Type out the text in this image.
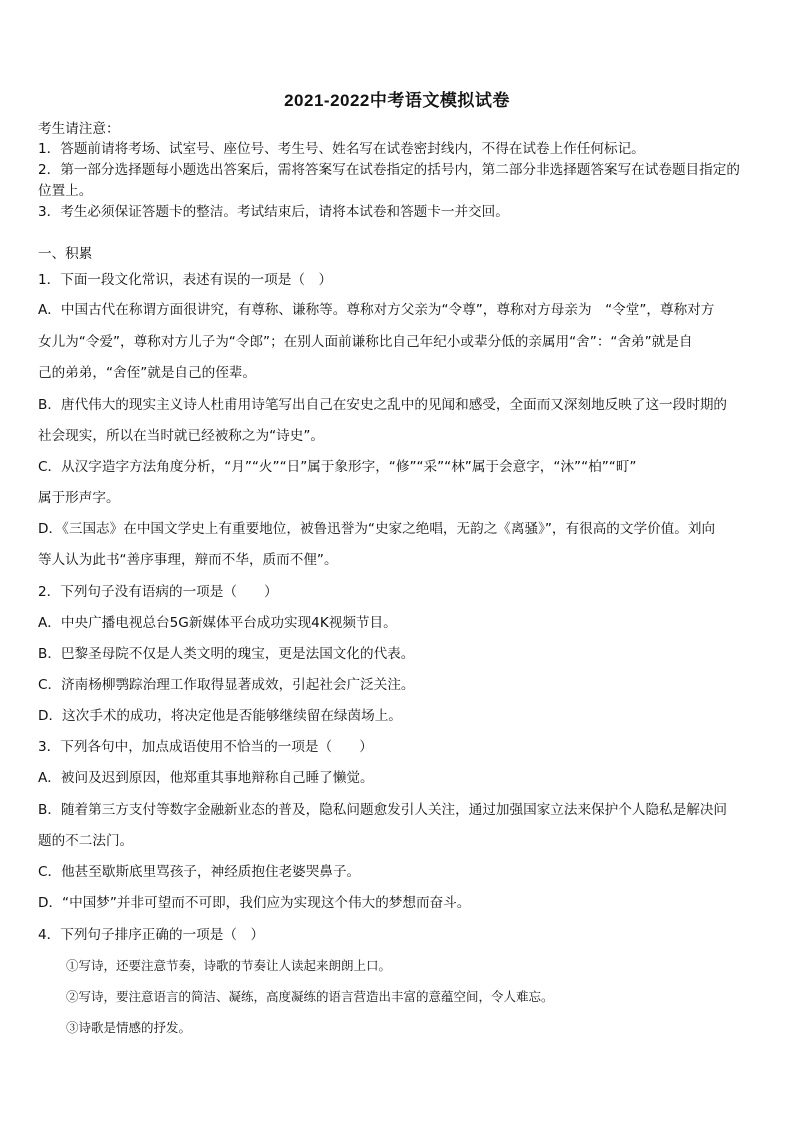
2021-2022中考语文模拟试卷
考生请注意：
1．答题前请将考场、试室号、座位号、考生号、姓名写在试卷密封线内，不得在试卷上作任何标记。
2．第一部分选择题每小题选出答案后，需将答案写在试卷指定的括号内，第二部分非选择题答案写在试卷题目指定的
位置上。
3．考生必须保证答题卡的整洁。考试结束后，请将本试卷和答题卡一并交回。
一、积累
1．下面一段文化常识，表述有误的一项是（　）
A．中国古代在称谓方面很讲究，有尊称、谦称等。尊称对方父亲为“令尊”，尊称对方母亲为　“令堂”，尊称对方
女儿为“令爱”，尊称对方儿子为“令郎”；在别人面前谦称比自己年纪小或辈分低的亲属用“舍”：“舍弟”就是自
己的弟弟，“舍侄”就是自己的侄辈。
B．唐代伟大的现实主义诗人杜甫用诗笔写出自己在安史之乱中的见闻和感受，全面而又深刻地反映了这一段时期的
社会现实，所以在当时就已经被称之为“诗史”。
C．从汉字造字方法角度分析，“月”“火”“日”属于象形字，“修”“采”“林”属于会意字，“沐”“柏”“町”
属于形声字。
D．《三国志》在中国文学史上有重要地位，被鲁迅誉为“史家之绝唱，无韵之《离骚》”，有很高的文学价值。刘向
等人认为此书“善序事理，辩而不华，质而不俚”。
2．下列句子没有语病的一项是（　　）
A．中央广播电视总台5G新媒体平台成功实现4K视频节目。
B．巴黎圣母院不仅是人类文明的瑰宝，更是法国文化的代表。
C．济南杨柳鹗踪治理工作取得显著成效，引起社会广泛关注。
D．这次手术的成功，将决定他是否能够继续留在绿茵场上。
3．下列各句中，加点成语使用不恰当的一项是（　　）
A．被问及迟到原因，他郑重其事地辩称自己睡了懒觉。
B．随着第三方支付等数字金融新业态的普及，隐私问题愈发引人关注，通过加强国家立法来保护个人隐私是解决问
题的不二法门。
C．他甚至歇斯底里骂孩子，神经质抱住老婆哭鼻子。
D．“中国梦”并非可望而不可即，我们应为实现这个伟大的梦想而奋斗。
4．下列句子排序正确的一项是（　）
①写诗，还要注意节奏，诗歌的节奏让人读起来朗朗上口。
②写诗，要注意语言的简洁、凝练，高度凝练的语言营造出丰富的意蕴空间，令人难忘。
③诗歌是情感的抒发。
